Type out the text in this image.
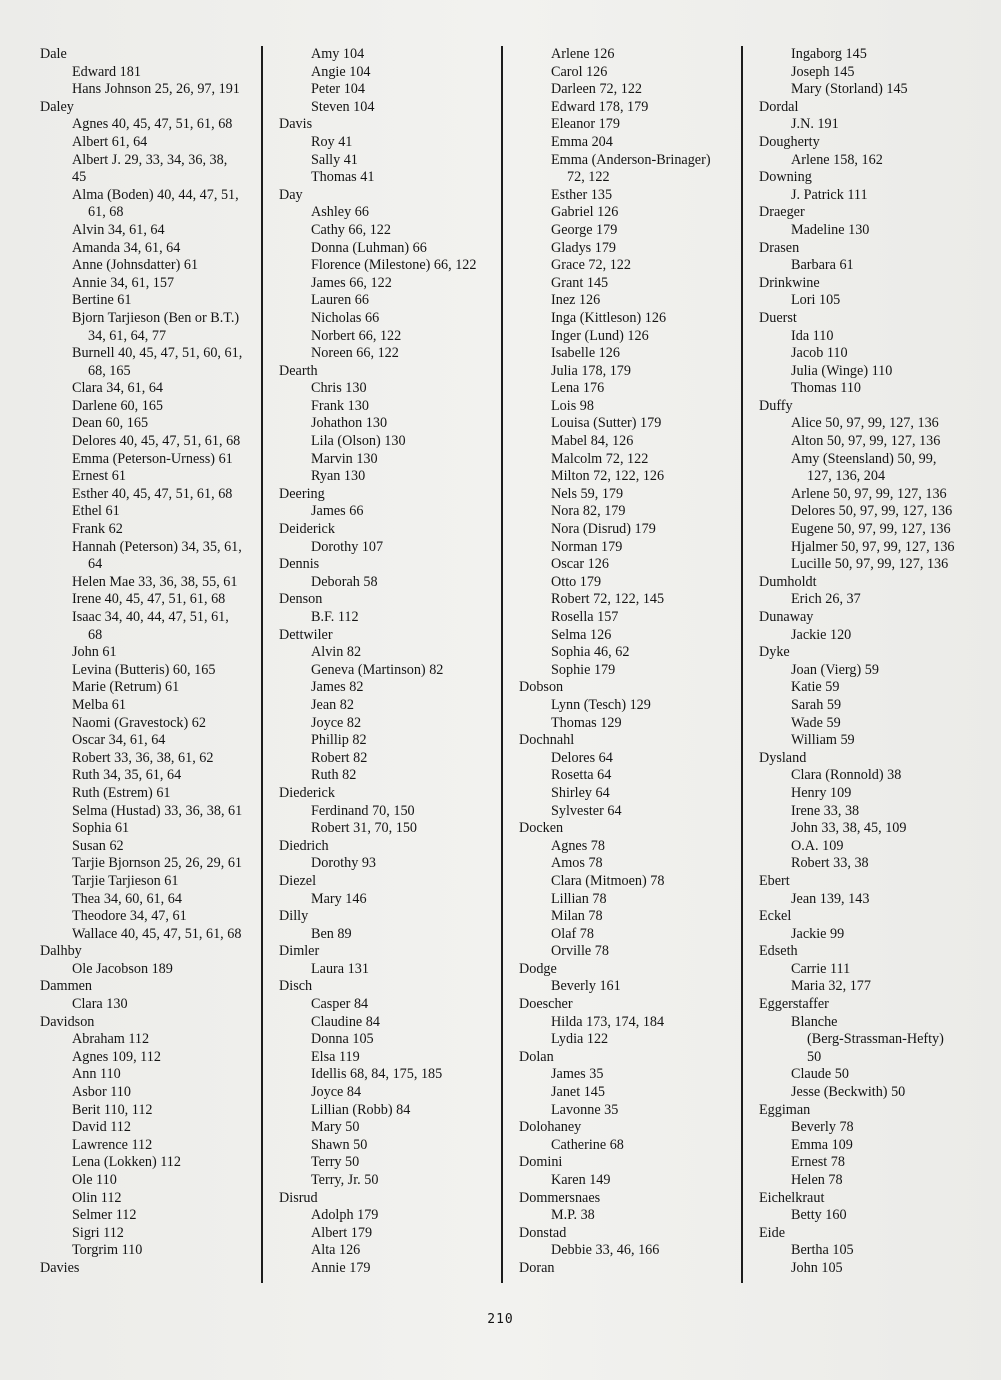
Dale
Edward 181
Hans Johnson 25, 26, 97, 191
Daley
Agnes 40, 45, 47, 51, 61, 68
Albert 61, 64
Albert J. 29, 33, 34, 36, 38,
45
Alma (Boden) 40, 44, 47, 51,
61, 68
Alvin 34, 61, 64
Amanda 34, 61, 64
Anne (Johnsdatter) 61
Annie 34, 61, 157
Bertine 61
Bjorn Tarjieson (Ben or B.T.)
34, 61, 64, 77
Burnell 40, 45, 47, 51, 60, 61,
68, 165
Clara 34, 61, 64
Darlene 60, 165
Dean 60, 165
Delores 40, 45, 47, 51, 61, 68
Emma (Peterson-Urness) 61
Ernest 61
Esther 40, 45, 47, 51, 61, 68
Ethel 61
Frank 62
Hannah (Peterson) 34, 35, 61,
64
Helen Mae 33, 36, 38, 55, 61
Irene 40, 45, 47, 51, 61, 68
Isaac 34, 40, 44, 47, 51, 61,
68
John 61
Levina (Butteris) 60, 165
Marie (Retrum) 61
Melba 61
Naomi (Gravestock) 62
Oscar 34, 61, 64
Robert 33, 36, 38, 61, 62
Ruth 34, 35, 61, 64
Ruth (Estrem) 61
Selma (Hustad) 33, 36, 38, 61
Sophia 61
Susan 62
Tarjie Bjornson 25, 26, 29, 61
Tarjie Tarjieson 61
Thea 34, 60, 61, 64
Theodore 34, 47, 61
Wallace 40, 45, 47, 51, 61, 68
Dalhby
Ole Jacobson 189
Dammen
Clara 130
Davidson
Abraham 112
Agnes 109, 112
Ann 110
Asbor 110
Berit 110, 112
David 112
Lawrence 112
Lena (Lokken) 112
Ole 110
Olin 112
Selmer 112
Sigri 112
Torgrim 110
Davies
Amy 104
Angie 104
Peter 104
Steven 104
Davis
Roy 41
Sally 41
Thomas 41
Day
Ashley 66
Cathy 66, 122
Donna (Luhman) 66
Florence (Milestone) 66, 122
James 66, 122
Lauren 66
Nicholas 66
Norbert 66, 122
Noreen 66, 122
Dearth
Chris 130
Frank 130
Johathon 130
Lila (Olson) 130
Marvin 130
Ryan 130
Deering
James 66
Deiderick
Dorothy 107
Dennis
Deborah 58
Denson
B.F. 112
Dettwiler
Alvin 82
Geneva (Martinson) 82
James 82
Jean 82
Joyce 82
Phillip 82
Robert 82
Ruth 82
Diederick
Ferdinand 70, 150
Robert 31, 70, 150
Diedrich
Dorothy 93
Diezel
Mary 146
Dilly
Ben 89
Dimler
Laura 131
Disch
Casper 84
Claudine 84
Donna 105
Elsa 119
Idellis 68, 84, 175, 185
Joyce 84
Lillian (Robb) 84
Mary 50
Shawn 50
Terry 50
Terry, Jr. 50
Disrud
Adolph 179
Albert 179
Alta 126
Annie 179
Arlene 126
Carol 126
Darleen 72, 122
Edward 178, 179
Eleanor 179
Emma 204
Emma (Anderson-Brinager)
72, 122
Esther 135
Gabriel 126
George 179
Gladys 179
Grace 72, 122
Grant 145
Inez 126
Inga (Kittleson) 126
Inger (Lund) 126
Isabelle 126
Julia 178, 179
Lena 176
Lois 98
Louisa (Sutter) 179
Mabel 84, 126
Malcolm 72, 122
Milton 72, 122, 126
Nels 59, 179
Nora 82, 179
Nora (Disrud) 179
Norman 179
Oscar 126
Otto 179
Robert 72, 122, 145
Rosella 157
Selma 126
Sophia 46, 62
Sophie 179
Dobson
Lynn (Tesch) 129
Thomas 129
Dochnahl
Delores 64
Rosetta 64
Shirley 64
Sylvester 64
Docken
Agnes 78
Amos 78
Clara (Mitmoen) 78
Lillian 78
Milan 78
Olaf 78
Orville 78
Dodge
Beverly 161
Doescher
Hilda 173, 174, 184
Lydia 122
Dolan
James 35
Janet 145
Lavonne 35
Dolohaney
Catherine 68
Domini
Karen 149
Dommersnaes
M.P. 38
Donstad
Debbie 33, 46, 166
Doran
Ingaborg 145
Joseph 145
Mary (Storland) 145
Dordal
J.N. 191
Dougherty
Arlene 158, 162
Downing
J. Patrick 111
Draeger
Madeline 130
Drasen
Barbara 61
Drinkwine
Lori 105
Duerst
Ida 110
Jacob 110
Julia (Winge) 110
Thomas 110
Duffy
Alice 50, 97, 99, 127, 136
Alton 50, 97, 99, 127, 136
Amy (Steensland) 50, 99,
127, 136, 204
Arlene 50, 97, 99, 127, 136
Delores 50, 97, 99, 127, 136
Eugene 50, 97, 99, 127, 136
Hjalmer 50, 97, 99, 127, 136
Lucille 50, 97, 99, 127, 136
Dumholdt
Erich 26, 37
Dunaway
Jackie 120
Dyke
Joan (Vierg) 59
Katie 59
Sarah 59
Wade 59
William 59
Dysland
Clara (Ronnold) 38
Henry 109
Irene 33, 38
John 33, 38, 45, 109
O.A. 109
Robert 33, 38
Ebert
Jean 139, 143
Eckel
Jackie 99
Edseth
Carrie 111
Maria 32, 177
Eggerstaffer
Blanche
(Berg-Strassman-Hefty)
50
Claude 50
Jesse (Beckwith) 50
Eggiman
Beverly 78
Emma 109
Ernest 78
Helen 78
Eichelkraut
Betty 160
Eide
Bertha 105
John 105
210
